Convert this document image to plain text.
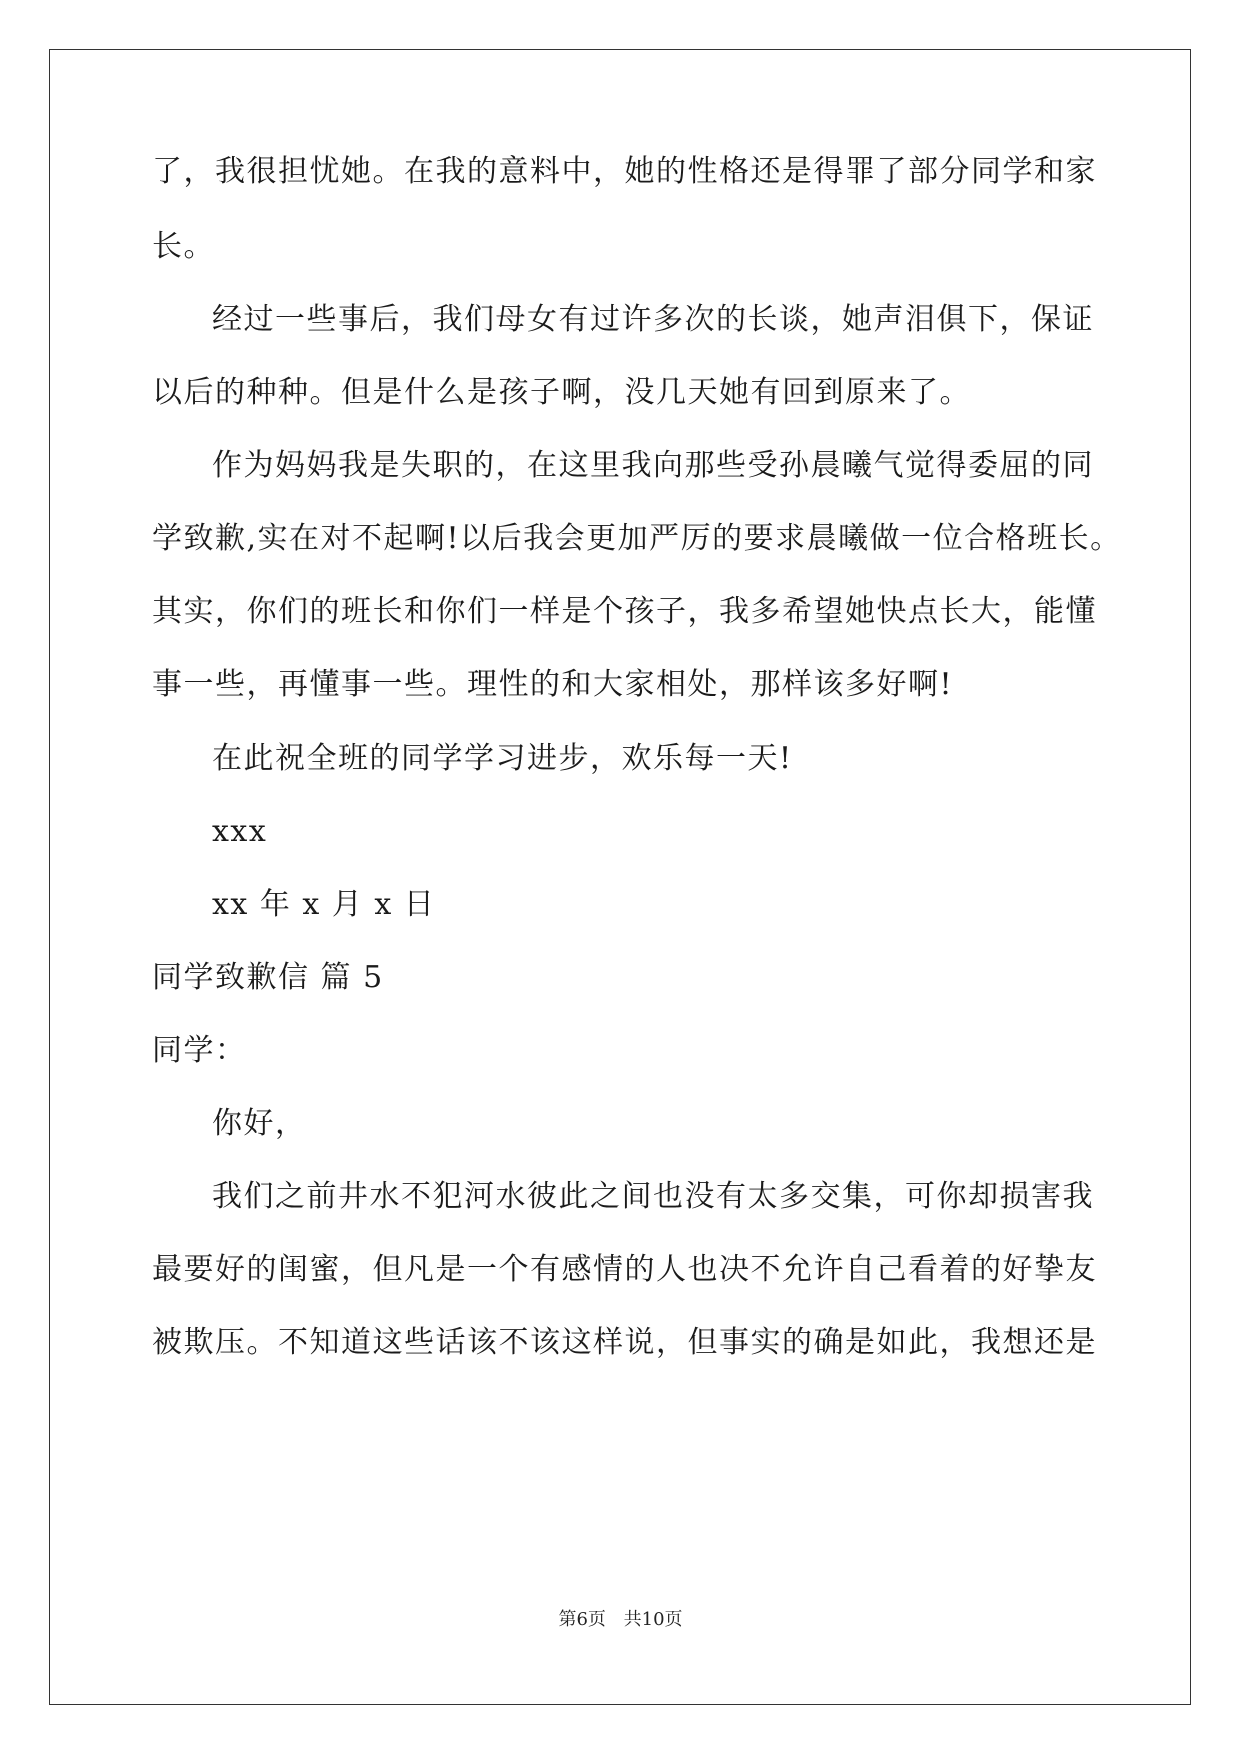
了，我很担忧她。在我的意料中，她的性格还是得罪了部分同学和家
长。
经过一些事后，我们母女有过许多次的长谈，她声泪俱下，保证
以后的种种。但是什么是孩子啊，没几天她有回到原来了。
作为妈妈我是失职的，在这里我向那些受孙晨曦气觉得委屈的同
学致歉,实在对不起啊!以后我会更加严厉的要求晨曦做一位合格班长。
其实，你们的班长和你们一样是个孩子，我多希望她快点长大，能懂
事一些，再懂事一些。理性的和大家相处，那样该多好啊!
在此祝全班的同学学习进步，欢乐每一天!
xxx
xx 年 x 月 x 日
同学致歉信 篇 5
同学：
你好，
我们之前井水不犯河水彼此之间也没有太多交集，可你却损害我
最要好的闺蜜，但凡是一个有感情的人也决不允许自己看着的好挚友
被欺压。不知道这些话该不该这样说，但事实的确是如此，我想还是
第6页 共10页
